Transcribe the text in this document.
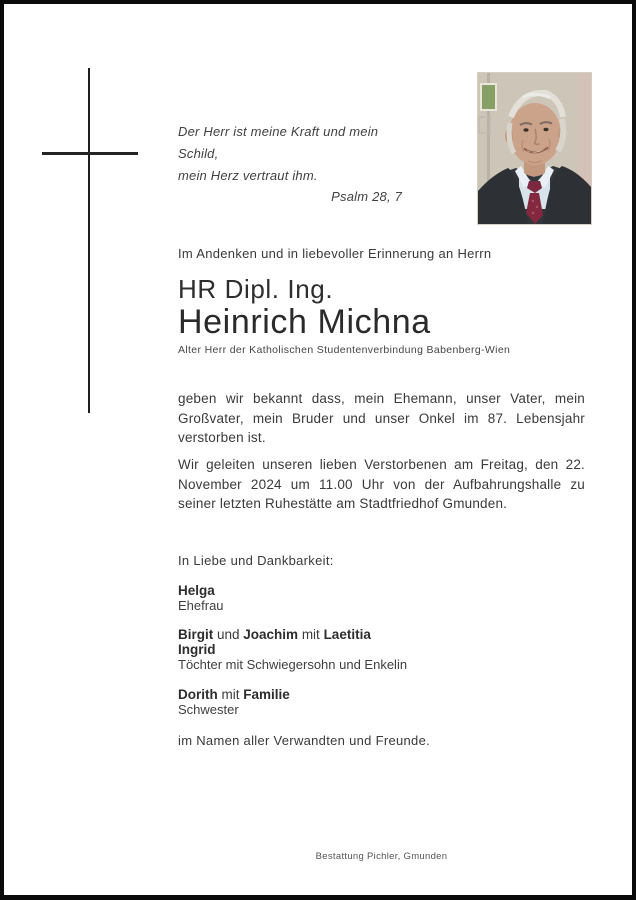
Der Herr ist meine Kraft und mein Schild,

mein Herz vertraut ihm.

Psalm 28, 7

Im Andenken und in liebevoller Erinnerung an Herrn

HR Dipl. Ing.

Heinrich Michna

Alter Herr der Katholischen Studentenverbindung Babenberg-Wien

geben wir bekannt dass, mein Ehemann, unser Vater, mein Großvater, mein Bruder und unser Onkel im 87. Lebensjahr verstorben ist.

Wir geleiten unseren lieben Verstorbenen am Freitag, den 22. November 2024 um 11.00 Uhr von der Aufbahrungshalle zu seiner letzten Ruhestätte am Stadtfriedhof Gmunden.

In Liebe und Dankbarkeit:

Helga

Ehefrau

Birgit und Joachim mit Laetitia

Ingrid

Töchter mit Schwiegersohn und Enkelin

Dorith mit Familie

Schwester

im Namen aller Verwandten und Freunde.

Bestattung Pichler, Gmunden
